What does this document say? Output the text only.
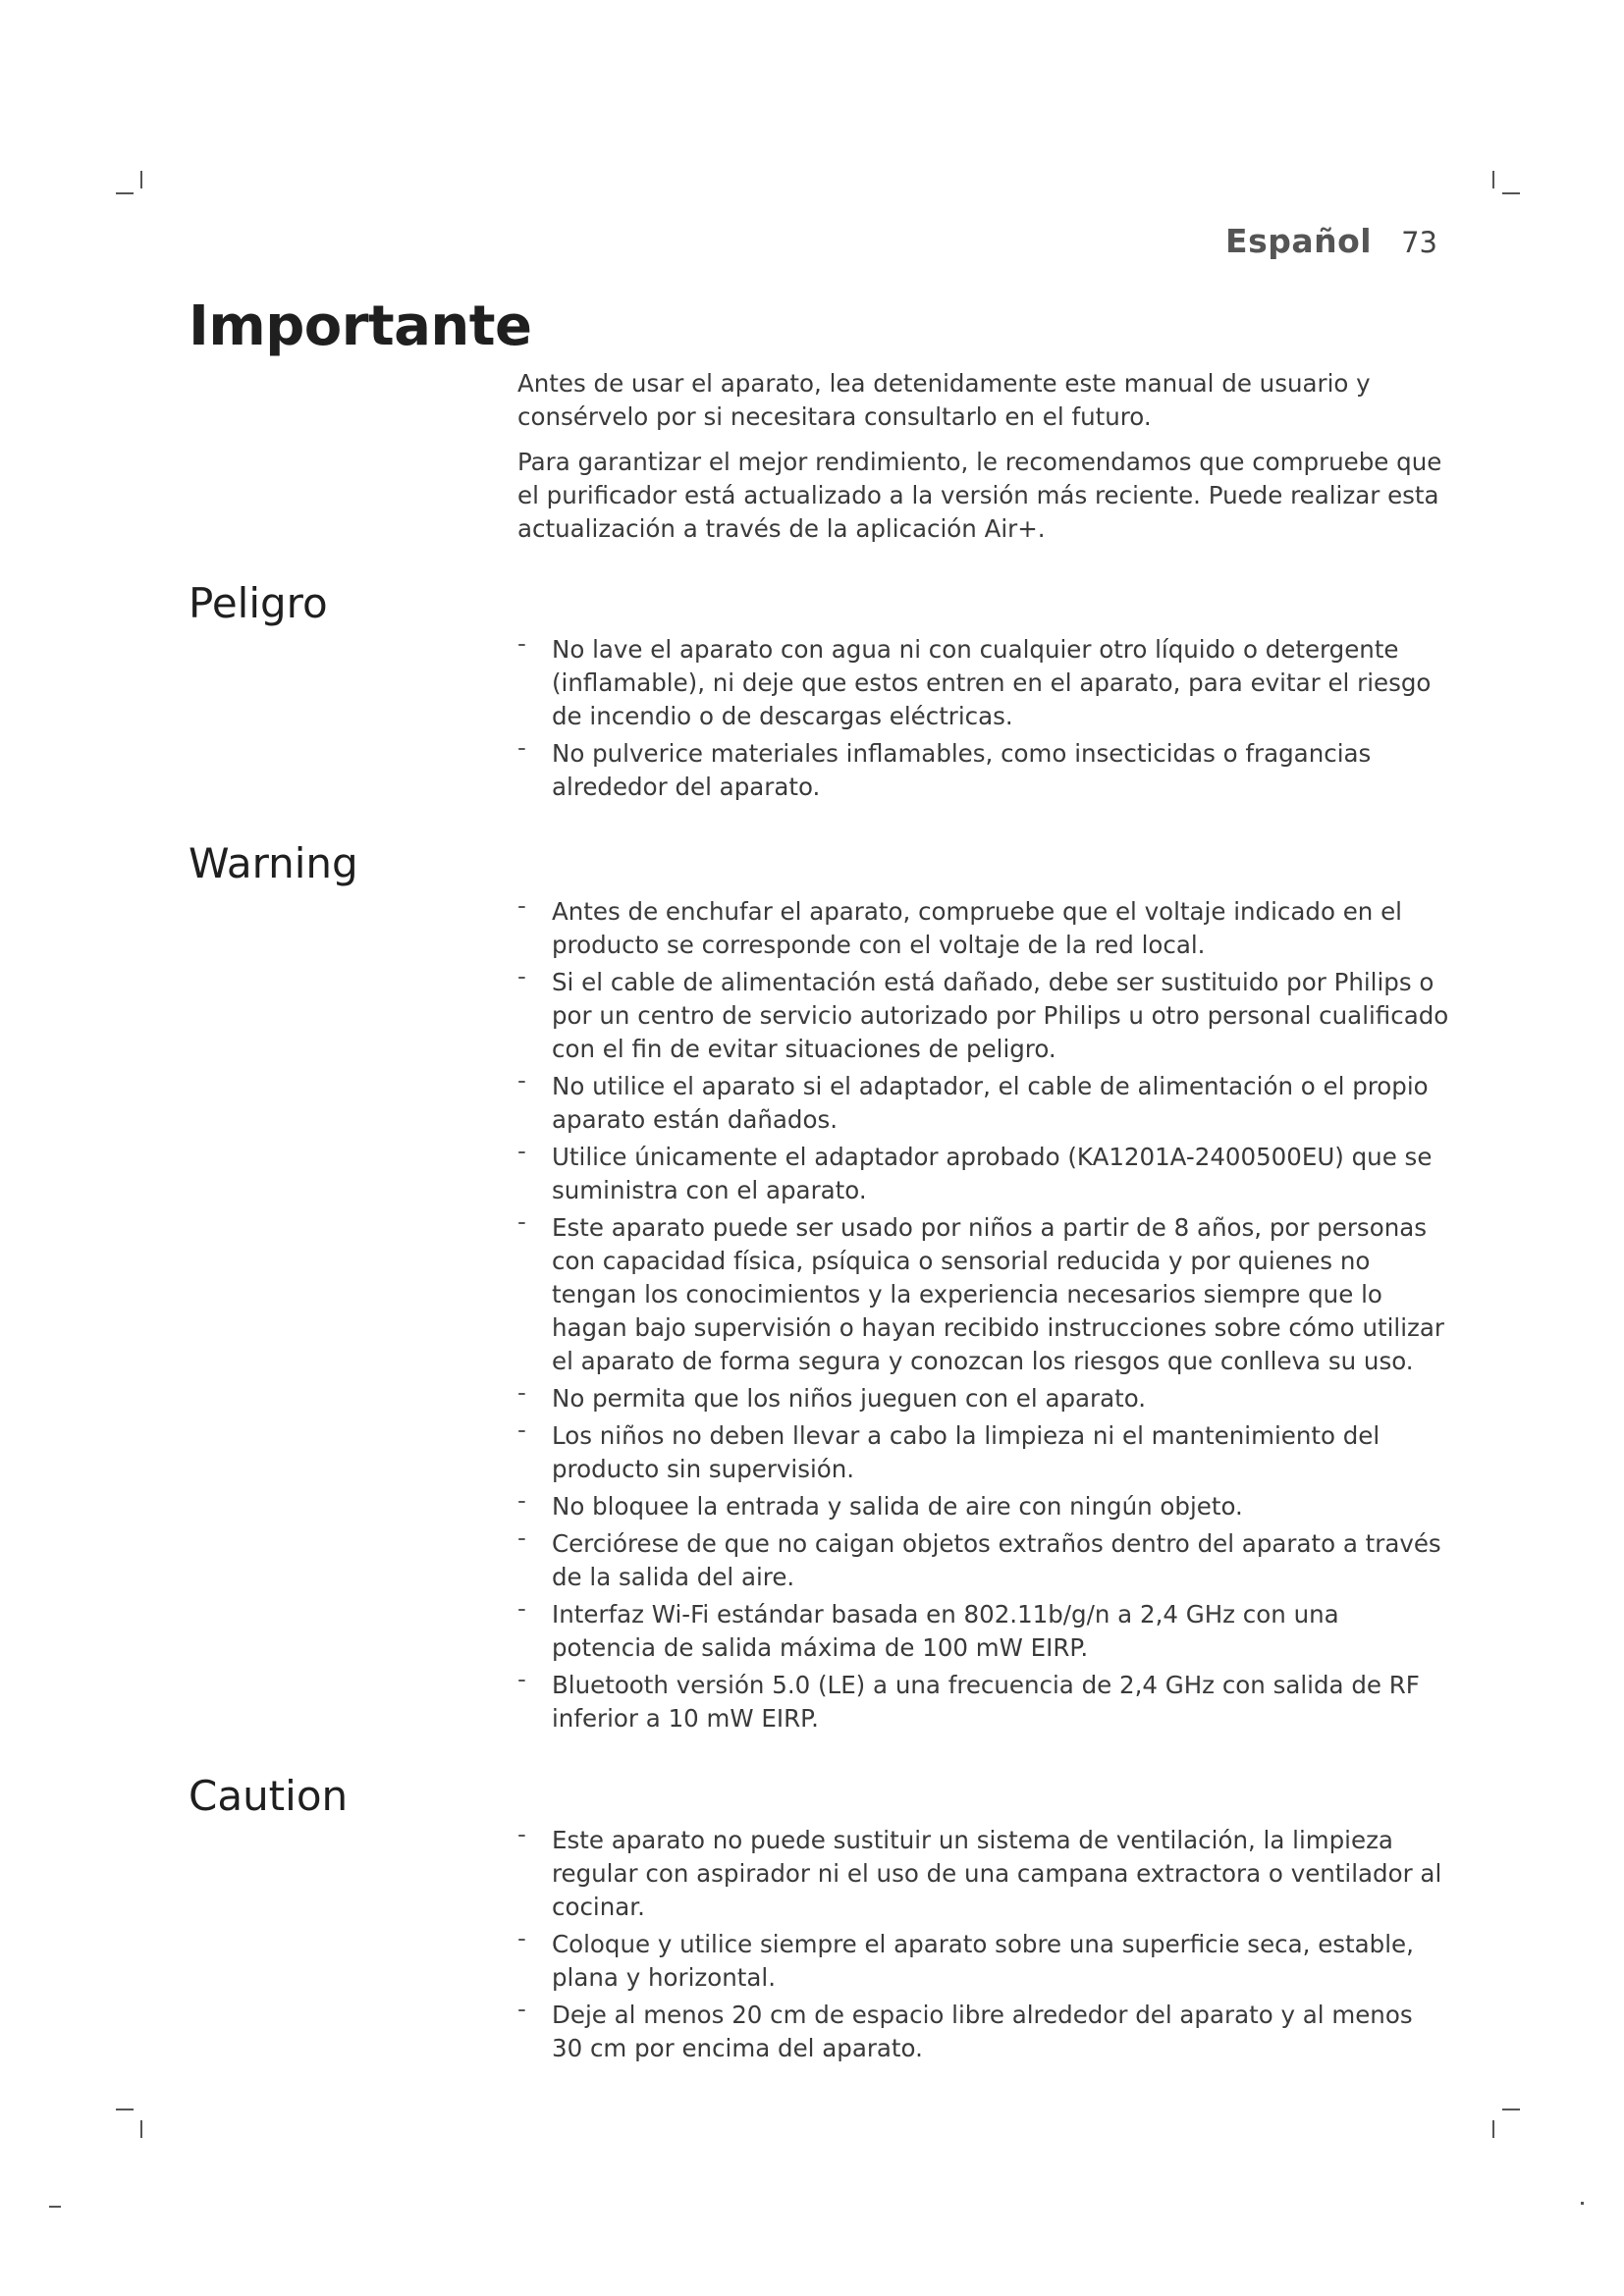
Español 73
Importante

Antes de usar el aparato, lea detenidamente este manual de usuario y consérvelo por si necesitara consultarlo en el futuro.

Para garantizar el mejor rendimiento, le recomendamos que compruebe que el purificador está actualizado a la versión más reciente. Puede realizar esta actualización a través de la aplicación Air+.

Peligro
- No lave el aparato con agua ni con cualquier otro líquido o detergente (inflamable), ni deje que estos entren en el aparato, para evitar el riesgo de incendio o de descargas eléctricas.
- No pulverice materiales inflamables, como insecticidas o fragancias alrededor del aparato.
Warning
- Antes de enchufar el aparato, compruebe que el voltaje indicado en el producto se corresponde con el voltaje de la red local.
- Si el cable de alimentación está dañado, debe ser sustituido por Philips o por un centro de servicio autorizado por Philips u otro personal cualificado con el fin de evitar situaciones de peligro.
- No utilice el aparato si el adaptador, el cable de alimentación o el propio aparato están dañados.
- Utilice únicamente el adaptador aprobado (KA1201A-2400500EU) que se suministra con el aparato.
- Este aparato puede ser usado por niños a partir de 8 años, por personas con capacidad física, psíquica o sensorial reducida y por quienes no tengan los conocimientos y la experiencia necesarios siempre que lo hagan bajo supervisión o hayan recibido instrucciones sobre cómo utilizar el aparato de forma segura y conozcan los riesgos que conlleva su uso.
- No permita que los niños jueguen con el aparato.
- Los niños no deben llevar a cabo la limpieza ni el mantenimiento del producto sin supervisión.
- No bloquee la entrada y salida de aire con ningún objeto.
- Cerciórese de que no caigan objetos extraños dentro del aparato a través de la salida del aire.
- Interfaz Wi-Fi estándar basada en 802.11b/g/n a 2,4 GHz con una potencia de salida máxima de 100 mW EIRP.
- Bluetooth versión 5.0 (LE) a una frecuencia de 2,4 GHz con salida de RF inferior a 10 mW EIRP.
Caution
- Este aparato no puede sustituir un sistema de ventilación, la limpieza regular con aspirador ni el uso de una campana extractora o ventilador al cocinar.
- Coloque y utilice siempre el aparato sobre una superficie seca, estable, plana y horizontal.
- Deje al menos 20 cm de espacio libre alrededor del aparato y al menos 30 cm por encima del aparato.
